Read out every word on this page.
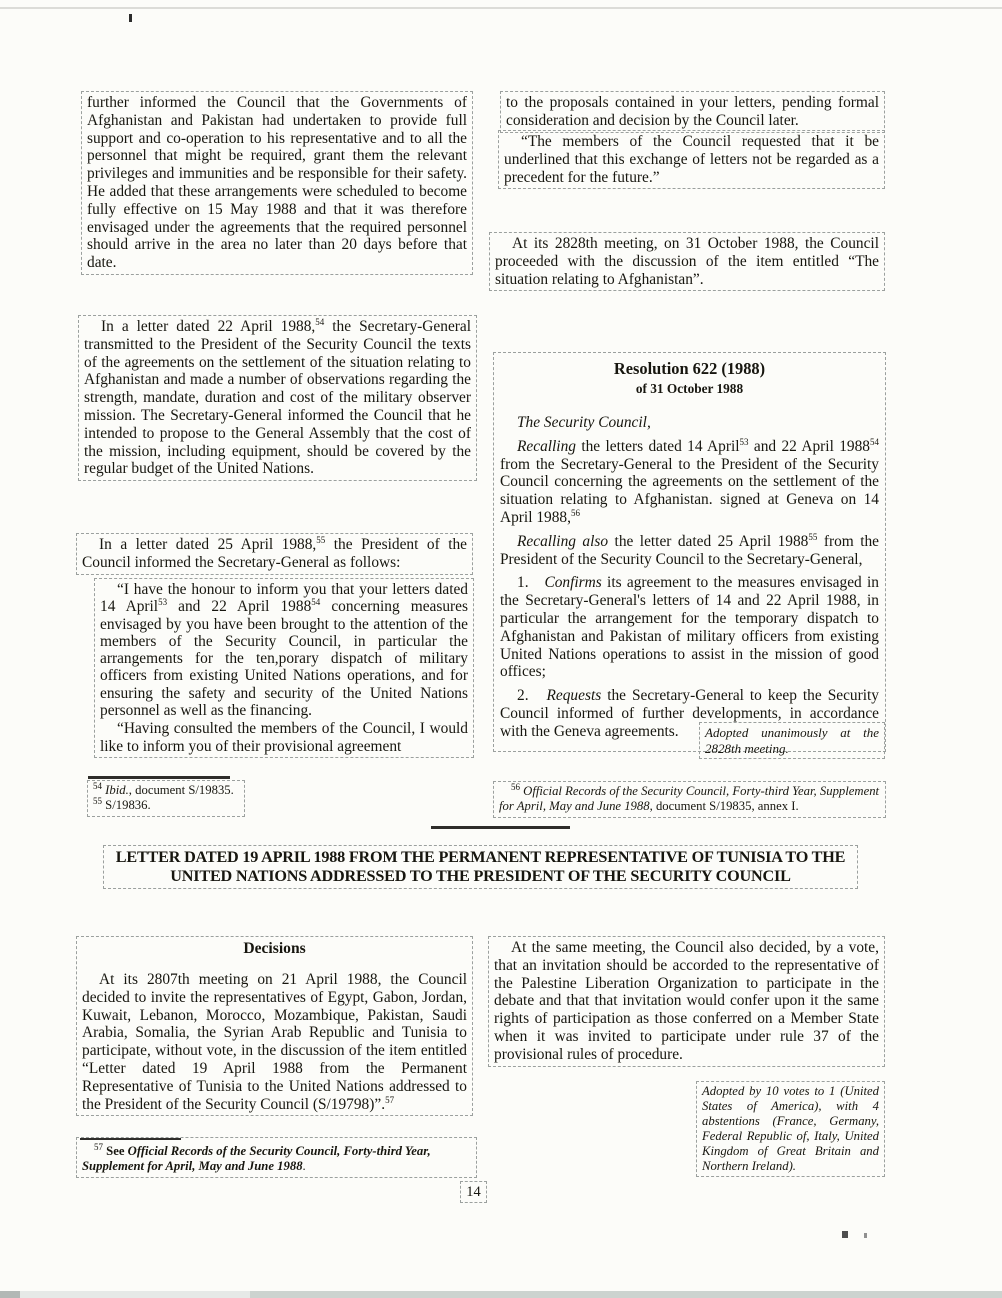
further informed the Council that the Governments of Afghanistan and Pakistan had undertaken to provide full support and co-operation to his representative and to all the personnel that might be required, grant them the relevant privileges and immunities and be responsible for their safety. He added that these arrangements were scheduled to become fully effective on 15 May 1988 and that it was therefore envisaged under the agreements that the required personnel should arrive in the area no later than 20 days before that date.

In a letter dated 22 April 1988,54 the Secretary-General transmitted to the President of the Security Council the texts of the agreements on the settlement of the situation relating to Afghanistan and made a number of observations regarding the strength, mandate, duration and cost of the military observer mission. The Secretary-General informed the Council that he intended to propose to the General Assembly that the cost of the mission, including equipment, should be covered by the regular budget of the United Nations.

In a letter dated 25 April 1988,55 the President of the Council informed the Secretary-General as follows:

“I have the honour to inform you that your letters dated 14 April$^{53}$ and 22 April 1988$^{54}$ concerning measures envisaged by you have been brought to the attention of the members of the Security Council, in particular the arrangements for the ten,porary dispatch of military officers from existing United Nations operations, and for ensuring the safety and security of the United Nations personnel as well as the financing.

“Having consulted the members of the Council, I would like to inform you of their provisional agreement

$^{54}$ Ibid., document S/19835.
$^{55}$ S/19836.

to the proposals contained in your letters, pending formal consideration and decision by the Council later.

“The members of the Council requested that it be underlined that this exchange of letters not be regarded as a precedent for the future.”

At its 2828th meeting, on 31 October 1988, the Council proceeded with the discussion of the item entitled “The situation relating to Afghanistan”.

Resolution 622 (1988)
of 31 October 1988

The Security Council,

Recalling the letters dated 14 April$^{53}$ and 22 April 1988$^{54}$ from the Secretary-General to the President of the Security Council concerning the agreements on the settlement of the situation relating to Afghanistan. signed at Geneva on 14 April 1988,56

Recalling also the letter dated 25 April 1988$^{55}$ from the President of the Security Council to the Secretary-General,

1.   Confirms its agreement to the measures envisaged in the Secretary-General's letters of 14 and 22 April 1988, in particular the arrangement for the temporary dispatch to Afghanistan and Pakistan of military officers from existing United Nations operations to assist in the mission of good offices;

2.   Requests the Secretary-General to keep the Security Council informed of further developments, in accordance with the Geneva agreements.	Adopted unanimously at the 2828th meeting.
$^{56}$ Official Records of the Security Council, Forty-third Year, Supplement for April, May and June 1988, document S/19835, annex I.
LETTER DATED 19 APRIL 1988 FROM THE PERMANENT REPRESENTATIVE OF TUNISIA TO THE
UNITED NATIONS ADDRESSED TO THE PRESIDENT OF THE SECURITY COUNCIL
Decisions

At its 2807th meeting on 21 April 1988, the Council decided to invite the representatives of Egypt, Gabon, Jordan, Kuwait, Lebanon, Morocco, Mozambique, Pakistan, Saudi Arabia, Somalia, the Syrian Arab Republic and Tunisia to participate, without vote, in the discussion of the item entitled “Letter dated 19 April 1988 from the Permanent Representative of Tunisia to the United Nations addressed to the President of the Security Council (S/19798)”.$^{57}$

$^{57}$ See Official Records of the Security Council, Forty-third Year, Supplement for April, May and June 1988.

At the same meeting, the Council also decided, by a vote, that an invitation should be accorded to the representative of the Palestine Liberation Organization to participate in the debate and that that invitation would confer upon it the same rights of participation as those conferred on a Member State when it was invited to participate under rule 37 of the provisional rules of procedure.

Adopted by 10 votes to 1 (United States of America), with 4 abstentions (France, Germany, Federal Republic of, Italy, United Kingdom of Great Britain and Northern Ireland).
14
